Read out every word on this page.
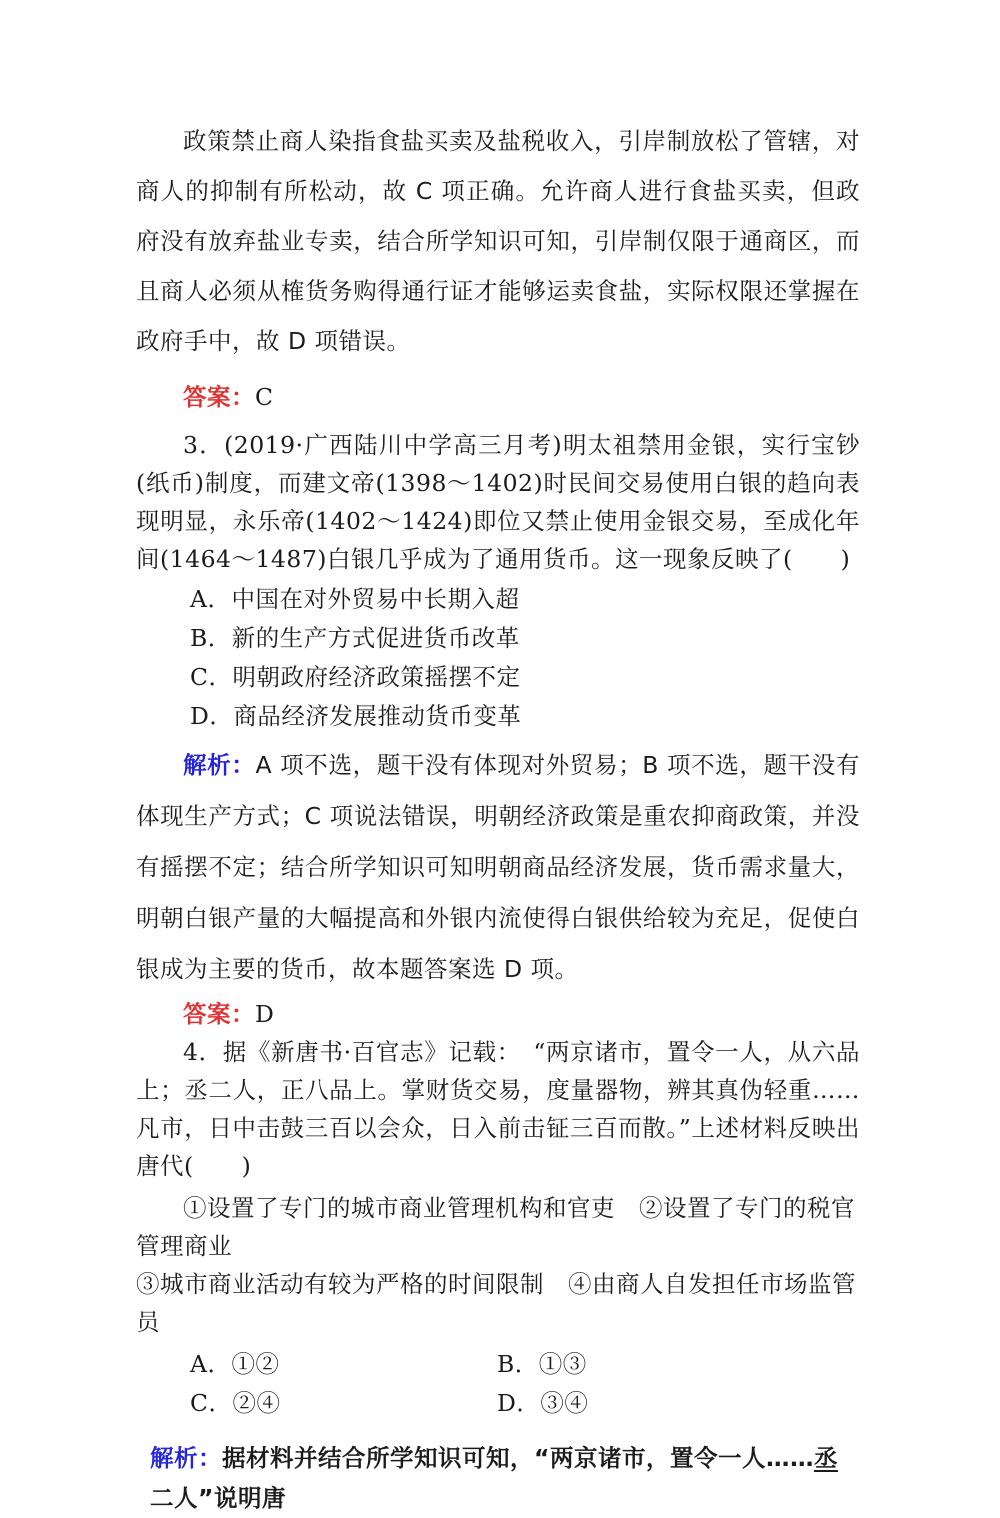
政策禁止商人染指食盐买卖及盐税收入，引岸制放松了管辖，对商人的抑制有所松动，故 C 项正确。允许商人进行食盐买卖，但政府没有放弃盐业专卖，结合所学知识可知，引岸制仅限于通商区，而且商人必须从榷货务购得通行证才能够运卖食盐，实际权限还掌握在政府手中，故 D 项错误。

答案：C

3．(2019·广西陆川中学高三月考)明太祖禁用金银，实行宝钞(纸币)制度，而建文帝(1398～1402)时民间交易使用白银的趋向表现明显，永乐帝(1402～1424)即位又禁止使用金银交易，至成化年间(1464～1487)白银几乎成为了通用货币。这一现象反映了(　　)

A．中国在对外贸易中长期入超
B．新的生产方式促进货币改革
C．明朝政府经济政策摇摆不定
D．商品经济发展推动货币变革

解析：A 项不选，题干没有体现对外贸易；B 项不选，题干没有体现生产方式；C 项说法错误，明朝经济政策是重农抑商政策，并没有摇摆不定；结合所学知识可知明朝商品经济发展，货币需求量大，明朝白银产量的大幅提高和外银内流使得白银供给较为充足，促使白银成为主要的货币，故本题答案选 D 项。

答案：D

4．据《新唐书·百官志》记载：　“两京诸市，置令一人，从六品上；丞二人，正八品上。掌财货交易，度量器物，辨其真伪轻重……凡市，日中击鼓三百以会众，日入前击钲三百而散。”上述材料反映出唐代(　　)

①设置了专门的城市商业管理机构和官吏　②设置了专门的税官管理商业
③城市商业活动有较为严格的时间限制　④由商人自发担任市场监管员
A．①②	B．①③
C．②④	D．③④

解析：据材料并结合所学知识可知，“两京诸市，置令一人……丞二人”说明唐
